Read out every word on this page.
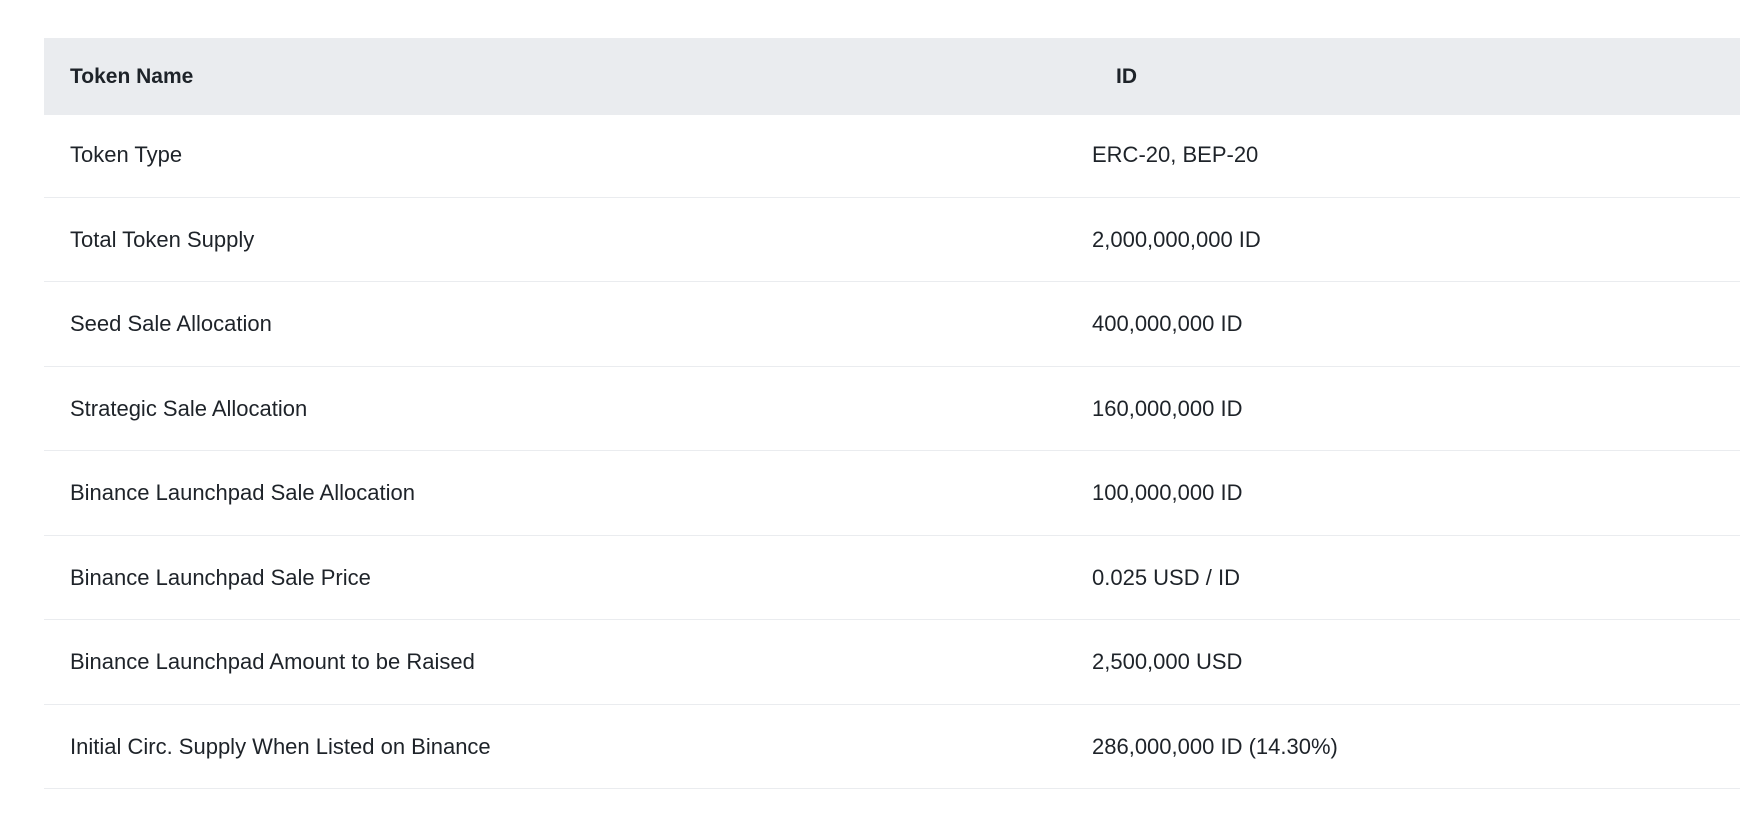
Token Name	ID
Token Type	ERC-20, BEP-20
Total Token Supply	2,000,000,000 ID
Seed Sale Allocation	400,000,000 ID
Strategic Sale Allocation	160,000,000 ID
Binance Launchpad Sale Allocation	100,000,000 ID
Binance Launchpad Sale Price	0.025 USD / ID
Binance Launchpad Amount to be Raised	2,500,000 USD
Initial Circ. Supply When Listed on Binance	286,000,000 ID (14.30%)
